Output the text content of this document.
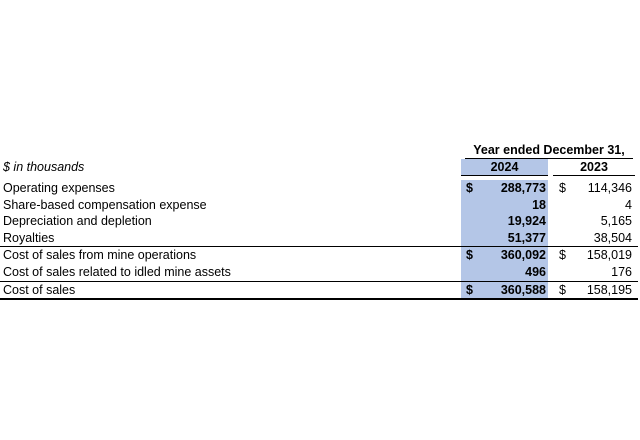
Year ended December 31,
$ in thousands	2024	2023
Operating expenses	$ 288,773 $ 114,346
Share-based compensation expense	18	4
Depreciation and depletion	19,924	5,165
Royalties	51,377	38,504
Cost of sales from mine operations	$ 360,092 $ 158,019
Cost of sales related to idled mine assets	496	176
Cost of sales	$ 360,588 $ 158,195
